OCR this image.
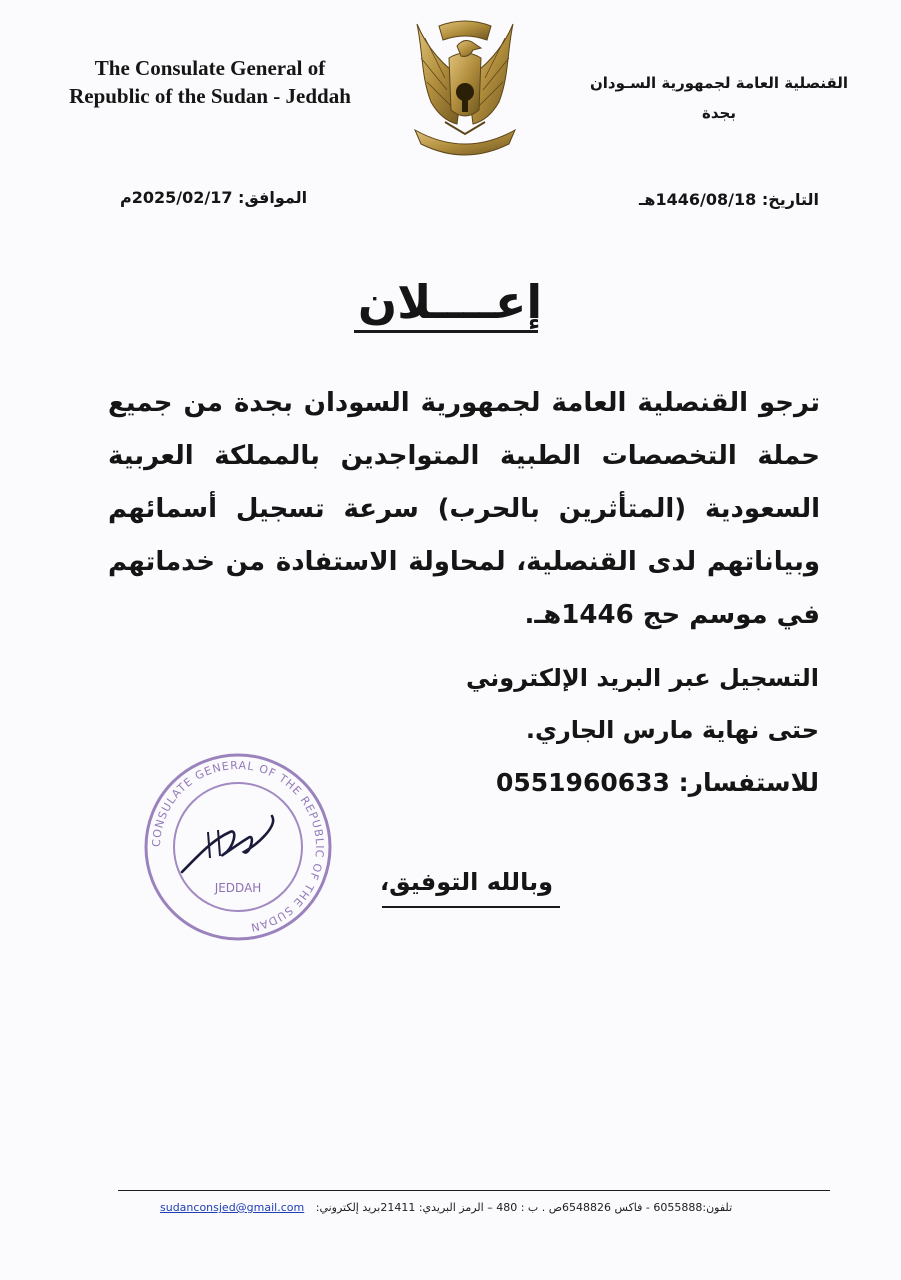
The Consulate General of
Republic of the Sudan - Jeddah
القنصلية العامة لجمهورية السـودان
بجدة
الموافق: 2025/02/17م	التاريخ: 1446/08/18هـ
إعــــلان
ترجو القنصلية العامة لجمهورية السودان بجدة من جميع حملة التخصصات الطبية المتواجدين بالمملكة العربية السعودية (المتأثرين بالحرب) سرعة تسجيل أسمائهم وبياناتهم لدى القنصلية، لمحاولة الاستفادة من خدماتهم في موسم حج 1446هـ.
التسجيل عبر البريد الإلكتروني
حتى نهاية مارس الجاري.
للاستفسار: 0551960633
CONSULATE GENERAL OF THE REPUBLIC OF THE SUDAN
JEDDAH	وبالله التوفيق،
sudanconsjed@gmail.com تلفون:6055888 - فاكس 6548826ص . ب : 480 – الرمز البريدي: 21411بريد إلكتروني:
